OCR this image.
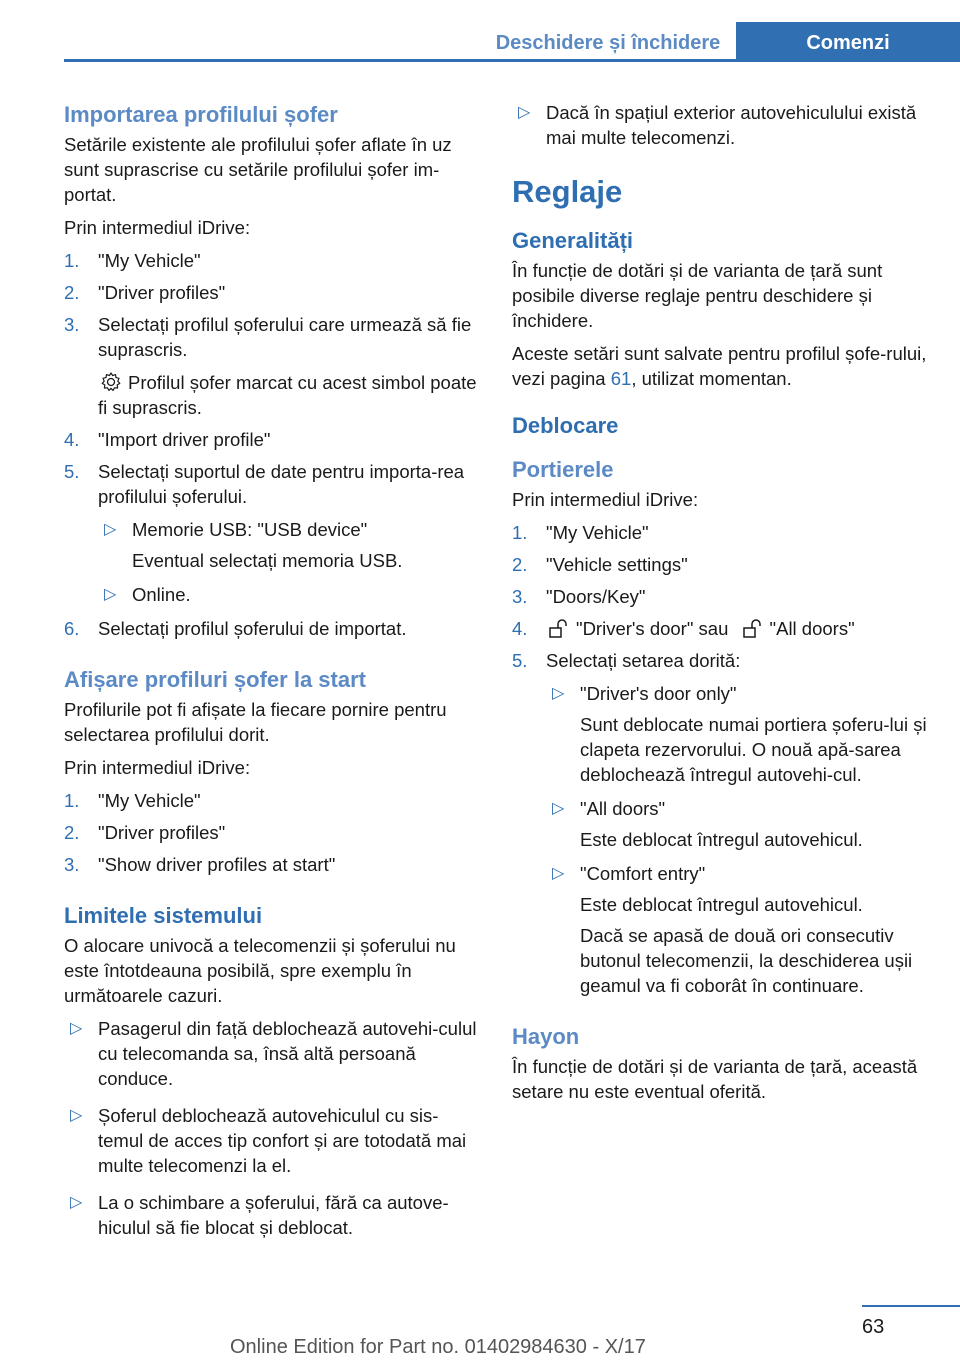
Deschidere și închidere	Comenzi
Importarea profilului șofer

Setările existente ale profilului șofer aflate în uz sunt suprascrise cu setările profilului șofer im‐portat.

Prin intermediul iDrive:

1. "My Vehicle"
2. "Driver profiles"
3. Selectați profilul șoferului care urmează să fie suprascris.
Profilul șofer marcat cu acest simbol poate fi suprascris.
4. "Import driver profile"
5. Selectați suportul de date pentru importa‐rea profilului șoferului.
▷ Memorie USB: "USB device"
Eventual selectați memoria USB.
▷ Online.
6. Selectați profilul șoferului de importat.
Afișare profiluri șofer la start

Profilurile pot fi afișate la fiecare pornire pentru selectarea profilului dorit.

Prin intermediul iDrive:

1. "My Vehicle"
2. "Driver profiles"
3. "Show driver profiles at start"
Limitele sistemului

O alocare univocă a telecomenzii și șoferului nu este întotdeauna posibilă, spre exemplu în următoarele cazuri.

▷ Pasagerul din față deblochează autovehi‐culul cu telecomanda sa, însă altă persoană conduce.
▷ Șoferul deblochează autovehiculul cu sis‐temul de acces tip confort și are totodată mai multe telecomenzi la el.
▷ La o schimbare a șoferului, fără ca autove‐hiculul să fie blocat și deblocat.
▷ Dacă în spațiul exterior autovehiculului există mai multe telecomenzi.
Reglaje
Generalități

În funcție de dotări și de varianta de țară sunt posibile diverse reglaje pentru deschidere și închidere.

Aceste setări sunt salvate pentru profilul șofe‐rului, vezi pagina 61, utilizat momentan.

Deblocare
Portierele

Prin intermediul iDrive:

1. "My Vehicle"
2. "Vehicle settings"
3. "Doors/Key"
4.	"Driver's door" sau "All doors"
5. Selectați setarea dorită:
▷ "Driver's door only"
Sunt deblocate numai portiera șoferu‐lui și clapeta rezervorului. O nouă apă‐sarea deblochează întregul autovehi‐cul.
▷ "All doors"
Este deblocat întregul autovehicul.
▷ "Comfort entry"
Este deblocat întregul autovehicul.
Dacă se apasă de două ori consecutiv butonul telecomenzii, la deschiderea ușii geamul va fi coborât în continuare.
Hayon

În funcție de dotări și de varianta de țară, această setare nu este eventual oferită.

63
Online Edition for Part no. 01402984630 - X/17
